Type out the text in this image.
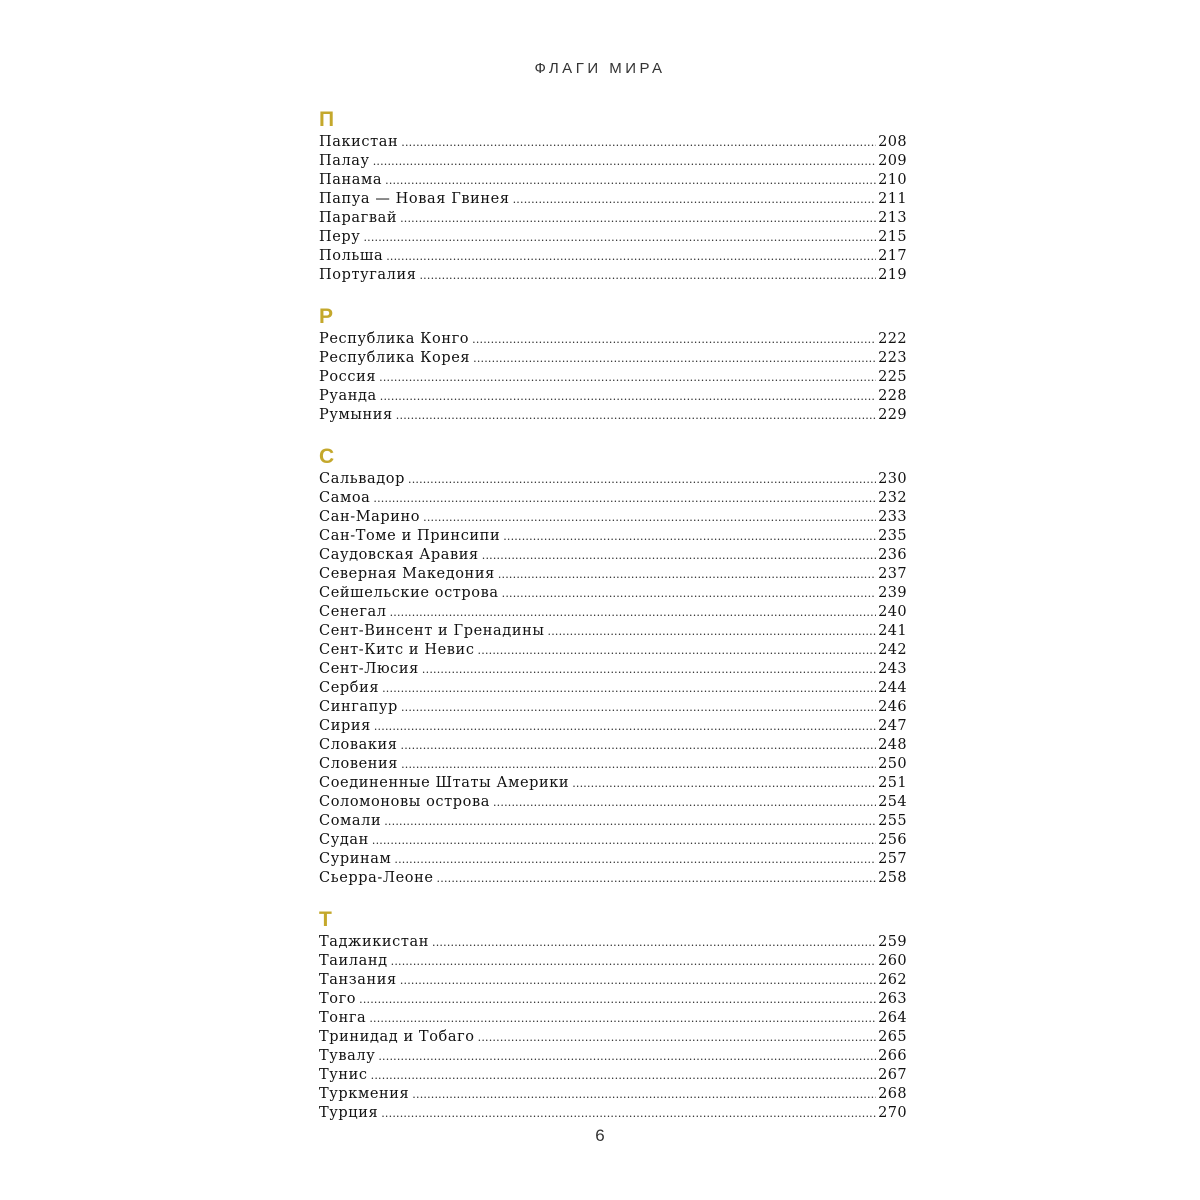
ФЛАГИ МИРА
П
Пакистан .....	208
Палау .....	209
Панама .....	210
Папуа — Новая Гвинея .....	211
Парагвай .....	213
Перу .....	215
Польша .....	217
Португалия .....	219
Р
Республика Конго .....	222
Республика Корея .....	223
Россия .....	225
Руанда .....	228
Румыния .....	229
С
Сальвадор .....	230
Самоа .....	232
Сан-Марино .....	233
Сан-Томе и Принсипи .....	235
Саудовская Аравия .....	236
Северная Македония .....	237
Сейшельские острова .....	239
Сенегал .....	240
Сент-Винсент и Гренадины .....	241
Сент-Китс и Невис .....	242
Сент-Люсия .....	243
Сербия .....	244
Сингапур .....	246
Сирия .....	247
Словакия .....	248
Словения .....	250
Соединенные Штаты Америки .....	251
Соломоновы острова .....	254
Сомали .....	255
Судан .....	256
Суринам .....	257
Сьерра-Леоне .....	258
Т
Таджикистан .....	259
Таиланд .....	260
Танзания .....	262
Того .....	263
Тонга .....	264
Тринидад и Тобаго .....	265
Тувалу .....	266
Тунис .....	267
Туркмения .....	268
Турция .....	270
6
